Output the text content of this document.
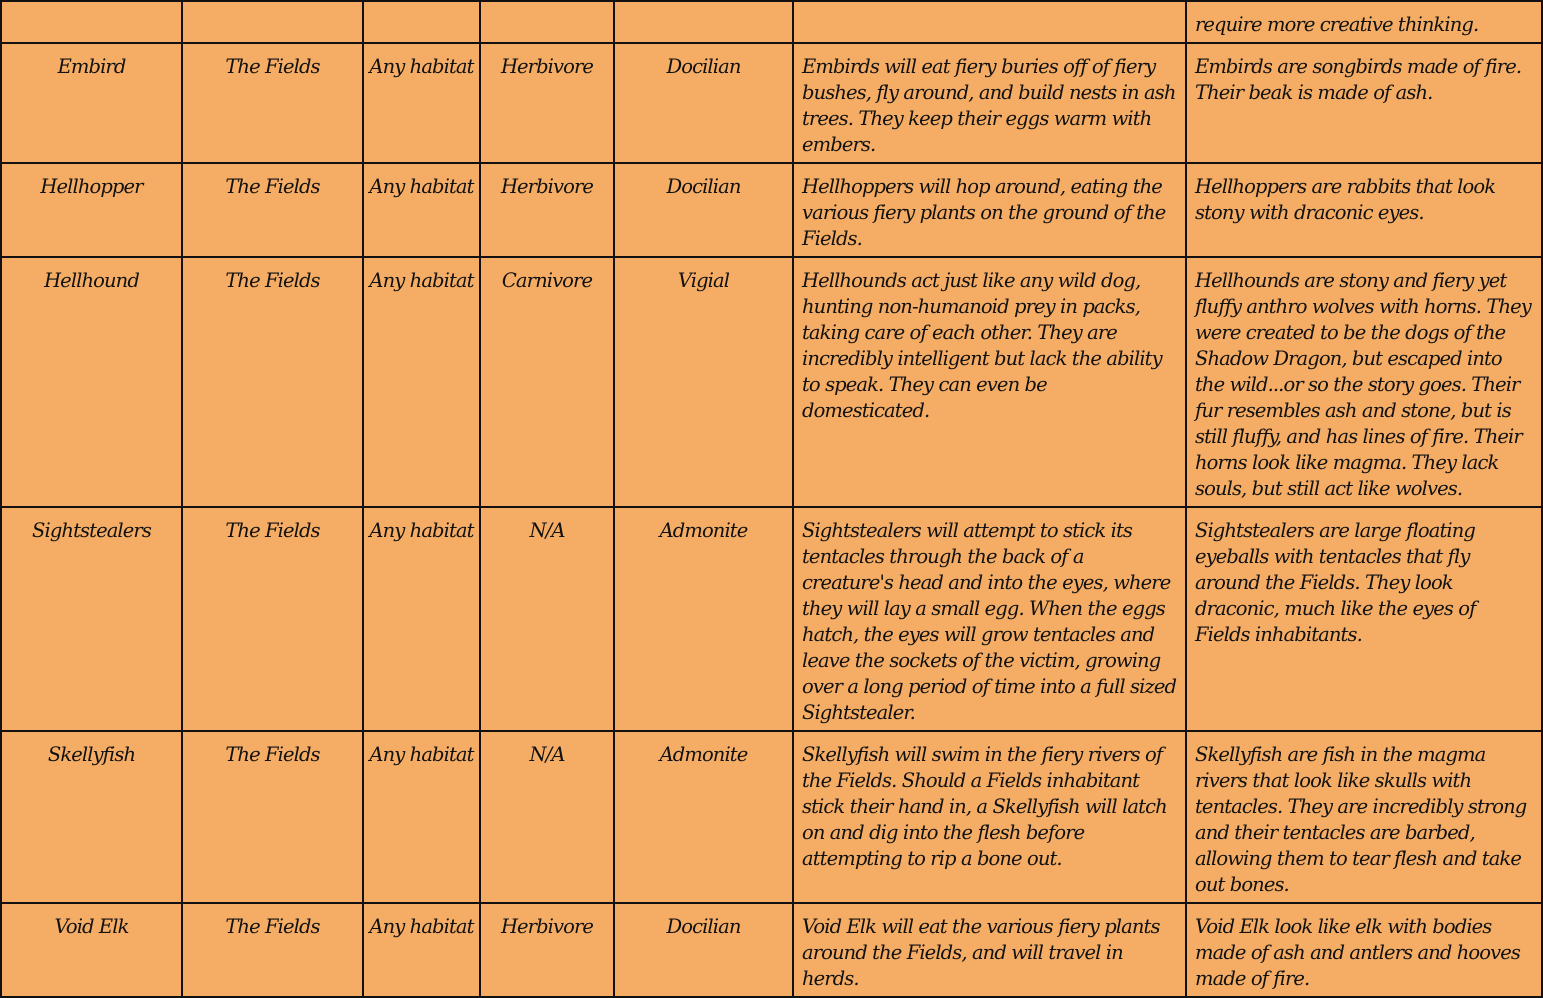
						require more creative thinking.
Embird	The Fields	Any habitat	Herbivore	Docilian	Embirds will eat fiery buries off of fiery bushes, fly around, and build nests in ash trees. They keep their eggs warm with embers.	Embirds are songbirds made of fire. Their beak is made of ash.
Hellhopper	The Fields	Any habitat	Herbivore	Docilian	Hellhoppers will hop around, eating the various fiery plants on the ground of the Fields.	Hellhoppers are rabbits that look stony with draconic eyes.
Hellhound	The Fields	Any habitat	Carnivore	Vigial	Hellhounds act just like any wild dog, hunting non-humanoid prey in packs, taking care of each other. They are incredibly intelligent but lack the ability to speak. They can even be domesticated.	Hellhounds are stony and fiery yet fluffy anthro wolves with horns. They were created to be the dogs of the Shadow Dragon, but escaped into the wild...or so the story goes. Their fur resembles ash and stone, but is still fluffy, and has lines of fire. Their horns look like magma. They lack souls, but still act like wolves.
Sightstealers	The Fields	Any habitat	N/A	Admonite	Sightstealers will attempt to stick its tentacles through the back of a creature's head and into the eyes, where they will lay a small egg. When the eggs hatch, the eyes will grow tentacles and leave the sockets of the victim, growing over a long period of time into a full sized Sightstealer.	Sightstealers are large floating eyeballs with tentacles that fly around the Fields. They look draconic, much like the eyes of Fields inhabitants.
Skellyfish	The Fields	Any habitat	N/A	Admonite	Skellyfish will swim in the fiery rivers of the Fields. Should a Fields inhabitant stick their hand in, a Skellyfish will latch on and dig into the flesh before attempting to rip a bone out.	Skellyfish are fish in the magma rivers that look like skulls with tentacles. They are incredibly strong and their tentacles are barbed, allowing them to tear flesh and take out bones.
Void Elk	The Fields	Any habitat	Herbivore	Docilian	Void Elk will eat the various fiery plants around the Fields, and will travel in herds.	Void Elk look like elk with bodies made of ash and antlers and hooves made of fire.
